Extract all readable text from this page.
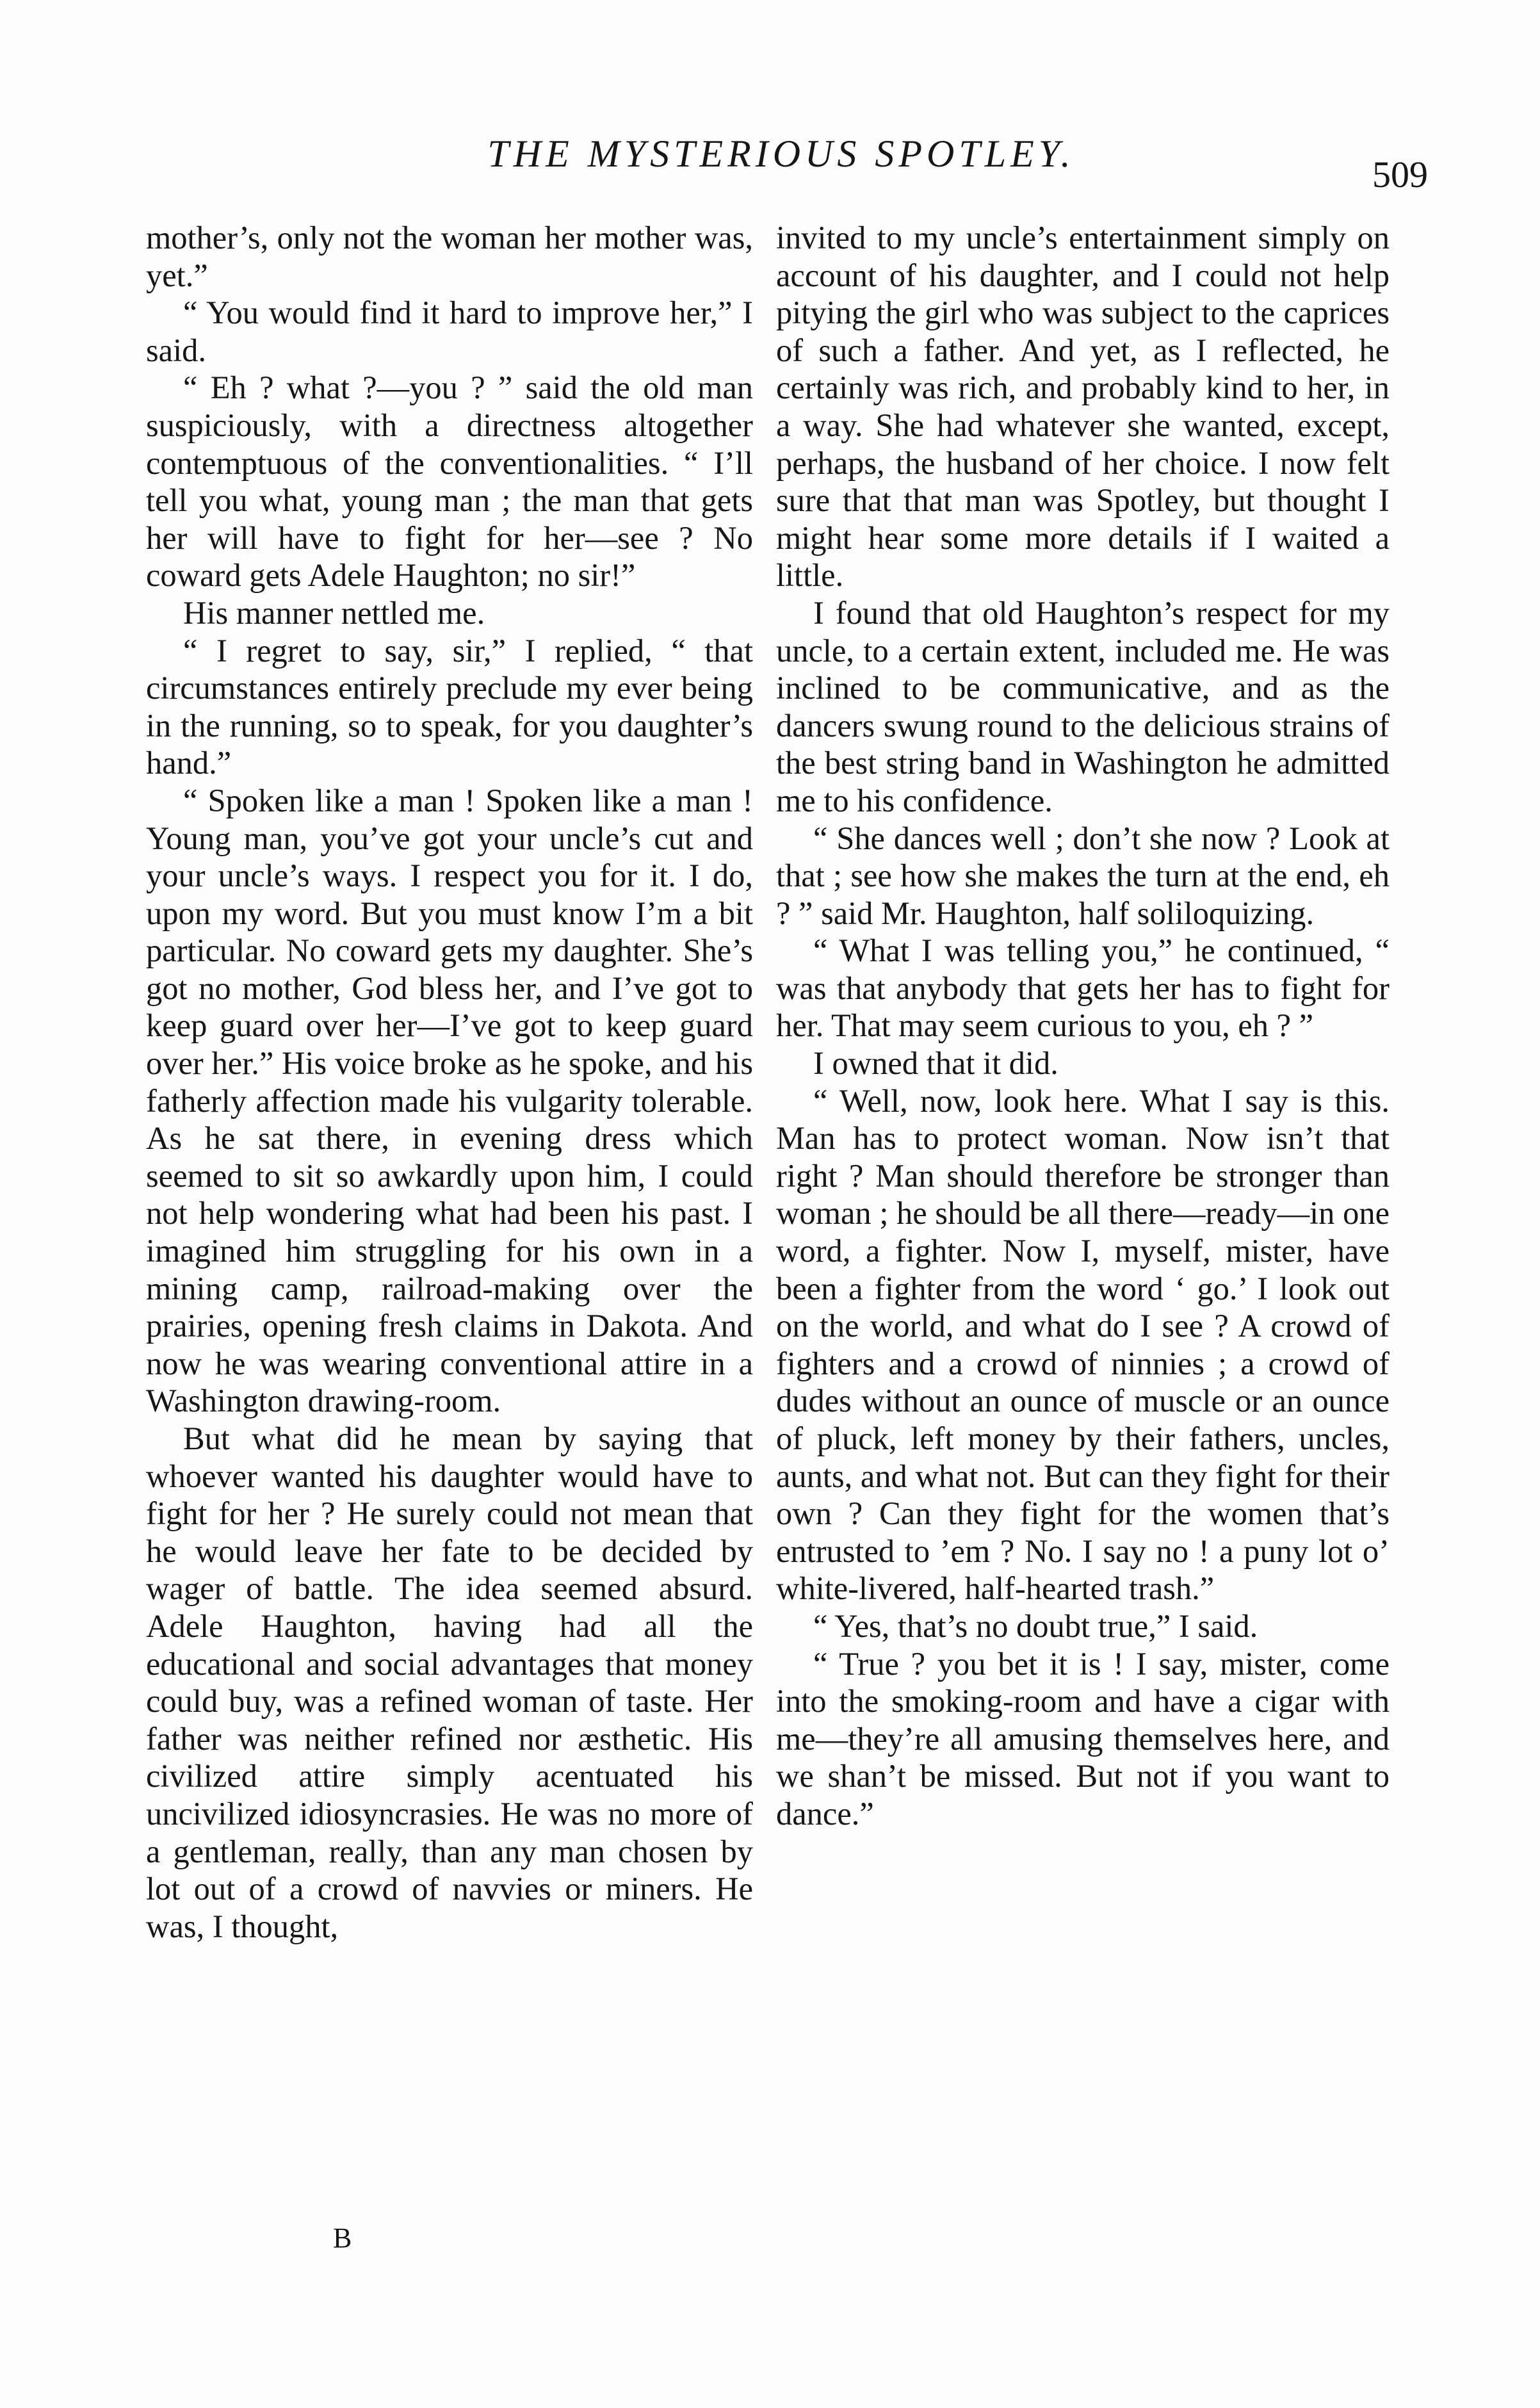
THE MYSTERIOUS SPOTLEY.	509

mother’s, only not the woman her mother was, yet.”

“ You would find it hard to improve her,” I said.

“ Eh ? what ?—you ? ” said the old man suspiciously, with a directness altogether contemptuous of the conventionalities. “ I’ll tell you what, young man ; the man that gets her will have to fight for her—see ? No coward gets Adele Haughton; no sir!”

His manner nettled me.

“ I regret to say, sir,” I replied, “ that circumstances entirely preclude my ever being in the running, so to speak, for you daughter’s hand.”

“ Spoken like a man ! Spoken like a man ! Young man, you’ve got your uncle’s cut and your uncle’s ways. I respect you for it. I do, upon my word. But you must know I’m a bit particular. No coward gets my daughter. She’s got no mother, God bless her, and I’ve got to keep guard over her—I’ve got to keep guard over her.” His voice broke as he spoke, and his fatherly affection made his vulgarity tolerable. As he sat there, in evening dress which seemed to sit so awkardly upon him, I could not help wondering what had been his past. I imagined him struggling for his own in a mining camp, railroad-making over the prairies, opening fresh claims in Dakota. And now he was wearing conventional attire in a Washington drawing-room.

But what did he mean by saying that whoever wanted his daughter would have to fight for her ? He surely could not mean that he would leave her fate to be decided by wager of battle. The idea seemed absurd. Adele Haughton, having had all the educational and social advantages that money could buy, was a refined woman of taste. Her father was neither refined nor æsthetic. His civilized attire simply acentuated his uncivilized idiosyncrasies. He was no more of a gentleman, really, than any man chosen by lot out of a crowd of navvies or miners. He was, I thought,

invited to my uncle’s entertainment simply on account of his daughter, and I could not help pitying the girl who was subject to the caprices of such a father. And yet, as I reflected, he certainly was rich, and probably kind to her, in a way. She had whatever she wanted, except, perhaps, the husband of her choice. I now felt sure that that man was Spotley, but thought I might hear some more details if I waited a little.

I found that old Haughton’s respect for my uncle, to a certain extent, included me. He was inclined to be communicative, and as the dancers swung round to the delicious strains of the best string band in Washington he admitted me to his confidence.

“ She dances well ; don’t she now ? Look at that ; see how she makes the turn at the end, eh ? ” said Mr. Haughton, half soliloquizing.

“ What I was telling you,” he continued, “ was that anybody that gets her has to fight for her. That may seem curious to you, eh ? ”

I owned that it did.

“ Well, now, look here. What I say is this. Man has to protect woman. Now isn’t that right ? Man should therefore be stronger than woman ; he should be all there—ready—in one word, a fighter. Now I, myself, mister, have been a fighter from the word ‘ go.’ I look out on the world, and what do I see ? A crowd of fighters and a crowd of ninnies ; a crowd of dudes without an ounce of muscle or an ounce of pluck, left money by their fathers, uncles, aunts, and what not. But can they fight for their own ? Can they fight for the women that’s entrusted to ’em ? No. I say no ! a puny lot o’ white-livered, half-hearted trash.”

“ Yes, that’s no doubt true,” I said.

“ True ? you bet it is ! I say, mister, come into the smoking-room and have a cigar with me—they’re all amusing themselves here, and we shan’t be missed. But not if you want to dance.”

B
